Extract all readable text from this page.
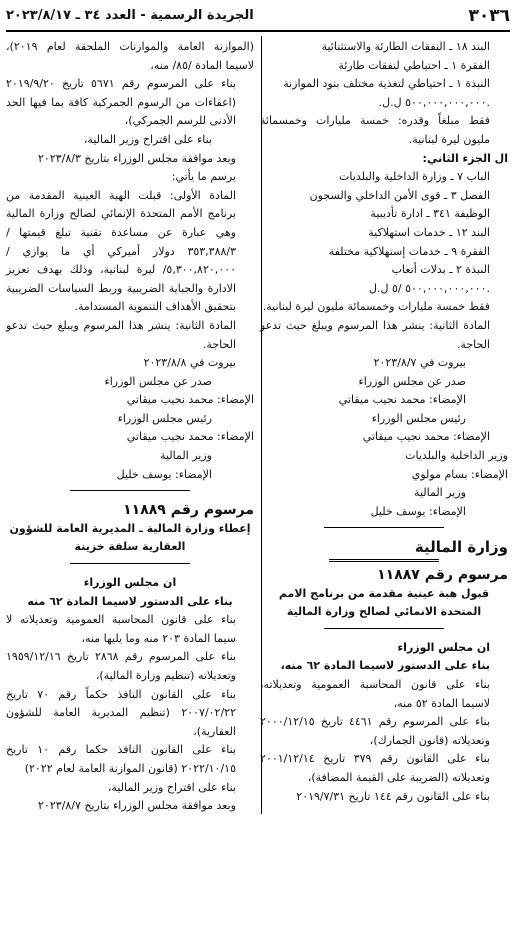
٣٠٣٦
الجريدة الرسمية - العدد ٣٤ ـ ٢٠٢٣/٨/١٧

البند ١٨ ـ النفقات الطارئة والاستثنائية

الفقرة ١ ـ احتياطي لنفقات طارئة

النبذة ١ ـ احتياطي لتغذية مختلف بنود الموازنة

.٥٠٠,٠٠٠,٠٠٠,٠٠٠ ل.ل.

فقط مبلغاً وقدره: خمسة مليارات وخمسمائة مليون ليرة لبنانية.

ال الجزء الثاني:

الباب ٧ ـ وزارة الداخلية والبلديات

الفصل ٣ ـ قوى الأمن الداخلي والسجون

الوظيفة ٣٤١ ـ ادارة تأديبية

البند ١٢ ـ خدمات استهلاكية

الفقرة ٩ ـ خدمات إستهلاكية مختلفة

النبذة ٢ ـ بدلات أتعاب

٥٠٠,٠٠٠,٠٠٠,٠٠٠ /٥ ل.ل.

فقط خمسة مليارات وخمسمائة مليون ليرة لبنانية.

المادة الثانية: ينشر هذا المرسوم ويبلغ حيث تدعو الحاجة.

بيروت في ٢٠٢٣/٨/٧

صدر عن مجلس الوزراء

الإمضاء: محمد نجيب ميقاتي

رئيس مجلس الوزراء

الإمضاء: محمد نجيب ميقاتي

وزير الداخلية والبلديات

الإمضاء: بسام مولوي

وزير المالية

الإمضاء: يوسف خليل

وزارة المالية

مرسوم رقم ١١٨٨٧

قبول هبة عينية مقدمة من برنامج الامم المتحدة الانمائي لصالح وزارة المالية

ان مجلس الوزراء

بناء على الدستور لاسيما المادة ٦٢ منه،

بناء على قانون المحاسبة العمومية وتعديلاته، لاسيما المادة ٥٢ منه،

بناء على المرسوم رقم ٤٤٦١ تاريخ ٢٠٠٠/١٢/١٥ وتعديلاته (قانون الجمارك)،

بناء على القانون رقم ٣٧٩ تاريخ ٢٠٠١/١٢/١٤ وتعديلاته (الضريبة على القيمة المضافة)،

بناء على القانون رقم ١٤٤ تاريخ ٢٠١٩/٧/٣١

(الموازنة العامة والموازنات الملحقة لعام ٢٠١٩)، لاسيما المادة /٨٥/ منه،

بناء على المرسوم رقم ٥٦٧١ تاريخ ٢٠١٩/٩/٢٠ (اعفاءات من الرسوم الجمركية كافة بما فيها الحد الأدنى للرسم الجمركي)،

بناء على اقتراح وزير المالية،

وبعد موافقة مجلس الوزراء بتاريخ ٢٠٢٣/٨/٣

يرسم ما يأتي:

المادة الأولى: قبلت الهبة العينية المقدمة من برنامج الأمم المتحدة الإنمائي لصالح وزارة المالية وهي عبارة عن مساعدة تقنية تبلغ قيمتها /٣٥٣,٣٨٨/٣ دولار أميركي أي ما يوازي /٥,٣٠٠,٨٢٠,٠٠٠/ ليرة لبنانية، وذلك بهدف تعزيز الادارة والجباية الضريبية وربط السياسات الضريبية بتحقيق الأهداف التنموية المستدامة.

المادة الثانية: ينشر هذا المرسوم ويبلغ حيث تدعو الحاجة.

بيروت في ٢٠٢٣/٨/٨

صدر عن مجلس الوزراء

الإمضاء: محمد نجيب ميقاتي

رئيس مجلس الوزراء

الإمضاء: محمد نجيب ميقاتي

وزير المالية

الإمضاء: يوسف خليل

مرسوم رقم ١١٨٨٩

إعطاء وزارة المالية ـ المديرية العامة للشؤون العقارية سلفة خزينة

ان مجلس الوزراء

بناء على الدستور لاسيما المادة ٦٢ منه

بناء على قانون المحاسبة العمومية وتعديلاته لا سيما المادة ٢٠٣ منه وما يليها منه،

بناء على المرسوم رقم ٢٨٦٨ تاريخ ١٩٥٩/١٢/١٦ وتعديلاته (تنظيم وزارة المالية)،

بناء على القانون النافذ حكماً رقم ٧٠ تاريخ ٢٠٠٧/٠٢/٢٢ (تنظيم المديرية العامة للشؤون العقارية)،

بناء على القانون النافذ حكما رقم ١٠ تاريخ ٢٠٢٢/١٠/١٥ (قانون الموازنة العامة لعام ٢٠٢٢)

بناء على اقتراح وزير المالية،

وبعد موافقة مجلس الوزراء بتاريخ ٢٠٢٣/٨/٧
